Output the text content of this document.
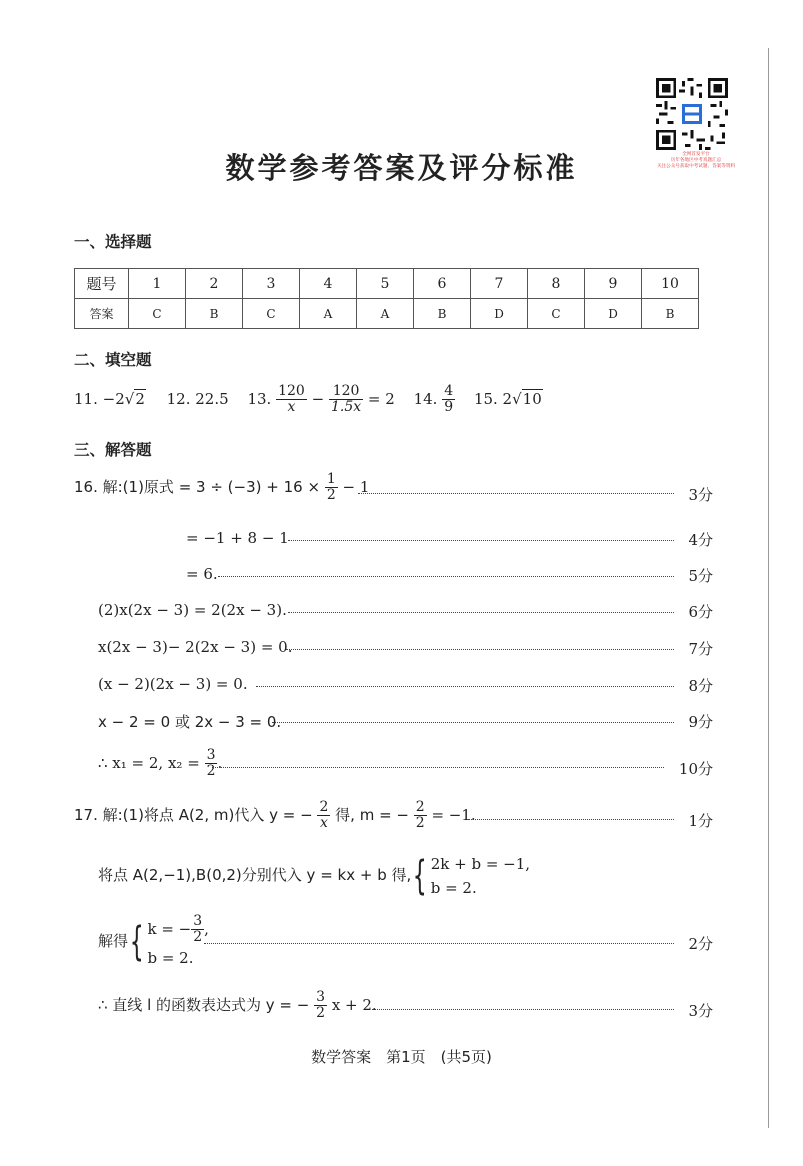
全网首发平台
历年各地区中考真题汇总
关注公众号获取中考试题、答案等资料
数学参考答案及评分标准
一、选择题
题号	1	2	3	4	5	6	7	8	9	10
答案	C	B	C	A	A	B	D	C	D	B
二、填空题
11. −2√2 12. 22.5 13. $\frac{120}{x} - \frac{120}{1.5x} = 2$ 14. $\frac{4}{9} 15$. 2√10
三、解答题
16. 解:(1)原式 = $3 \div (-3) + 16 \times \frac{1}{2} - 1$	3分
= −1 + 8 − 1	4分
= 6.	5分
(2)x(2x − 3) = 2(2x − 3).	6分
x(2x − 3)− 2(2x − 3) = 0.	7分
(x − 2)(2x − 3) = 0.	8分
x − 2 = 0 或 2x − 3 = 0.	9分
∴ x₁ = 2, $x_2 = \frac{3}{2}$ .	10分
17. 解:(1)将点 A(2, m)代入 y = − $\frac{2}{x}$ 得, m = − $\frac{2}{2} = -1$.	1分
将点 A(2,−1),B(0,2)分别代入 y = kx + b 得,{ 2k + b = −1,
b = 2.
解得{ k = − $\frac{3}{2}$ ,
b = 2.
2分
∴ 直线 l 的函数表达式为 y = − $\frac{3}{2}$ x + 2.	3分
数学答案　第1页　(共5页)
